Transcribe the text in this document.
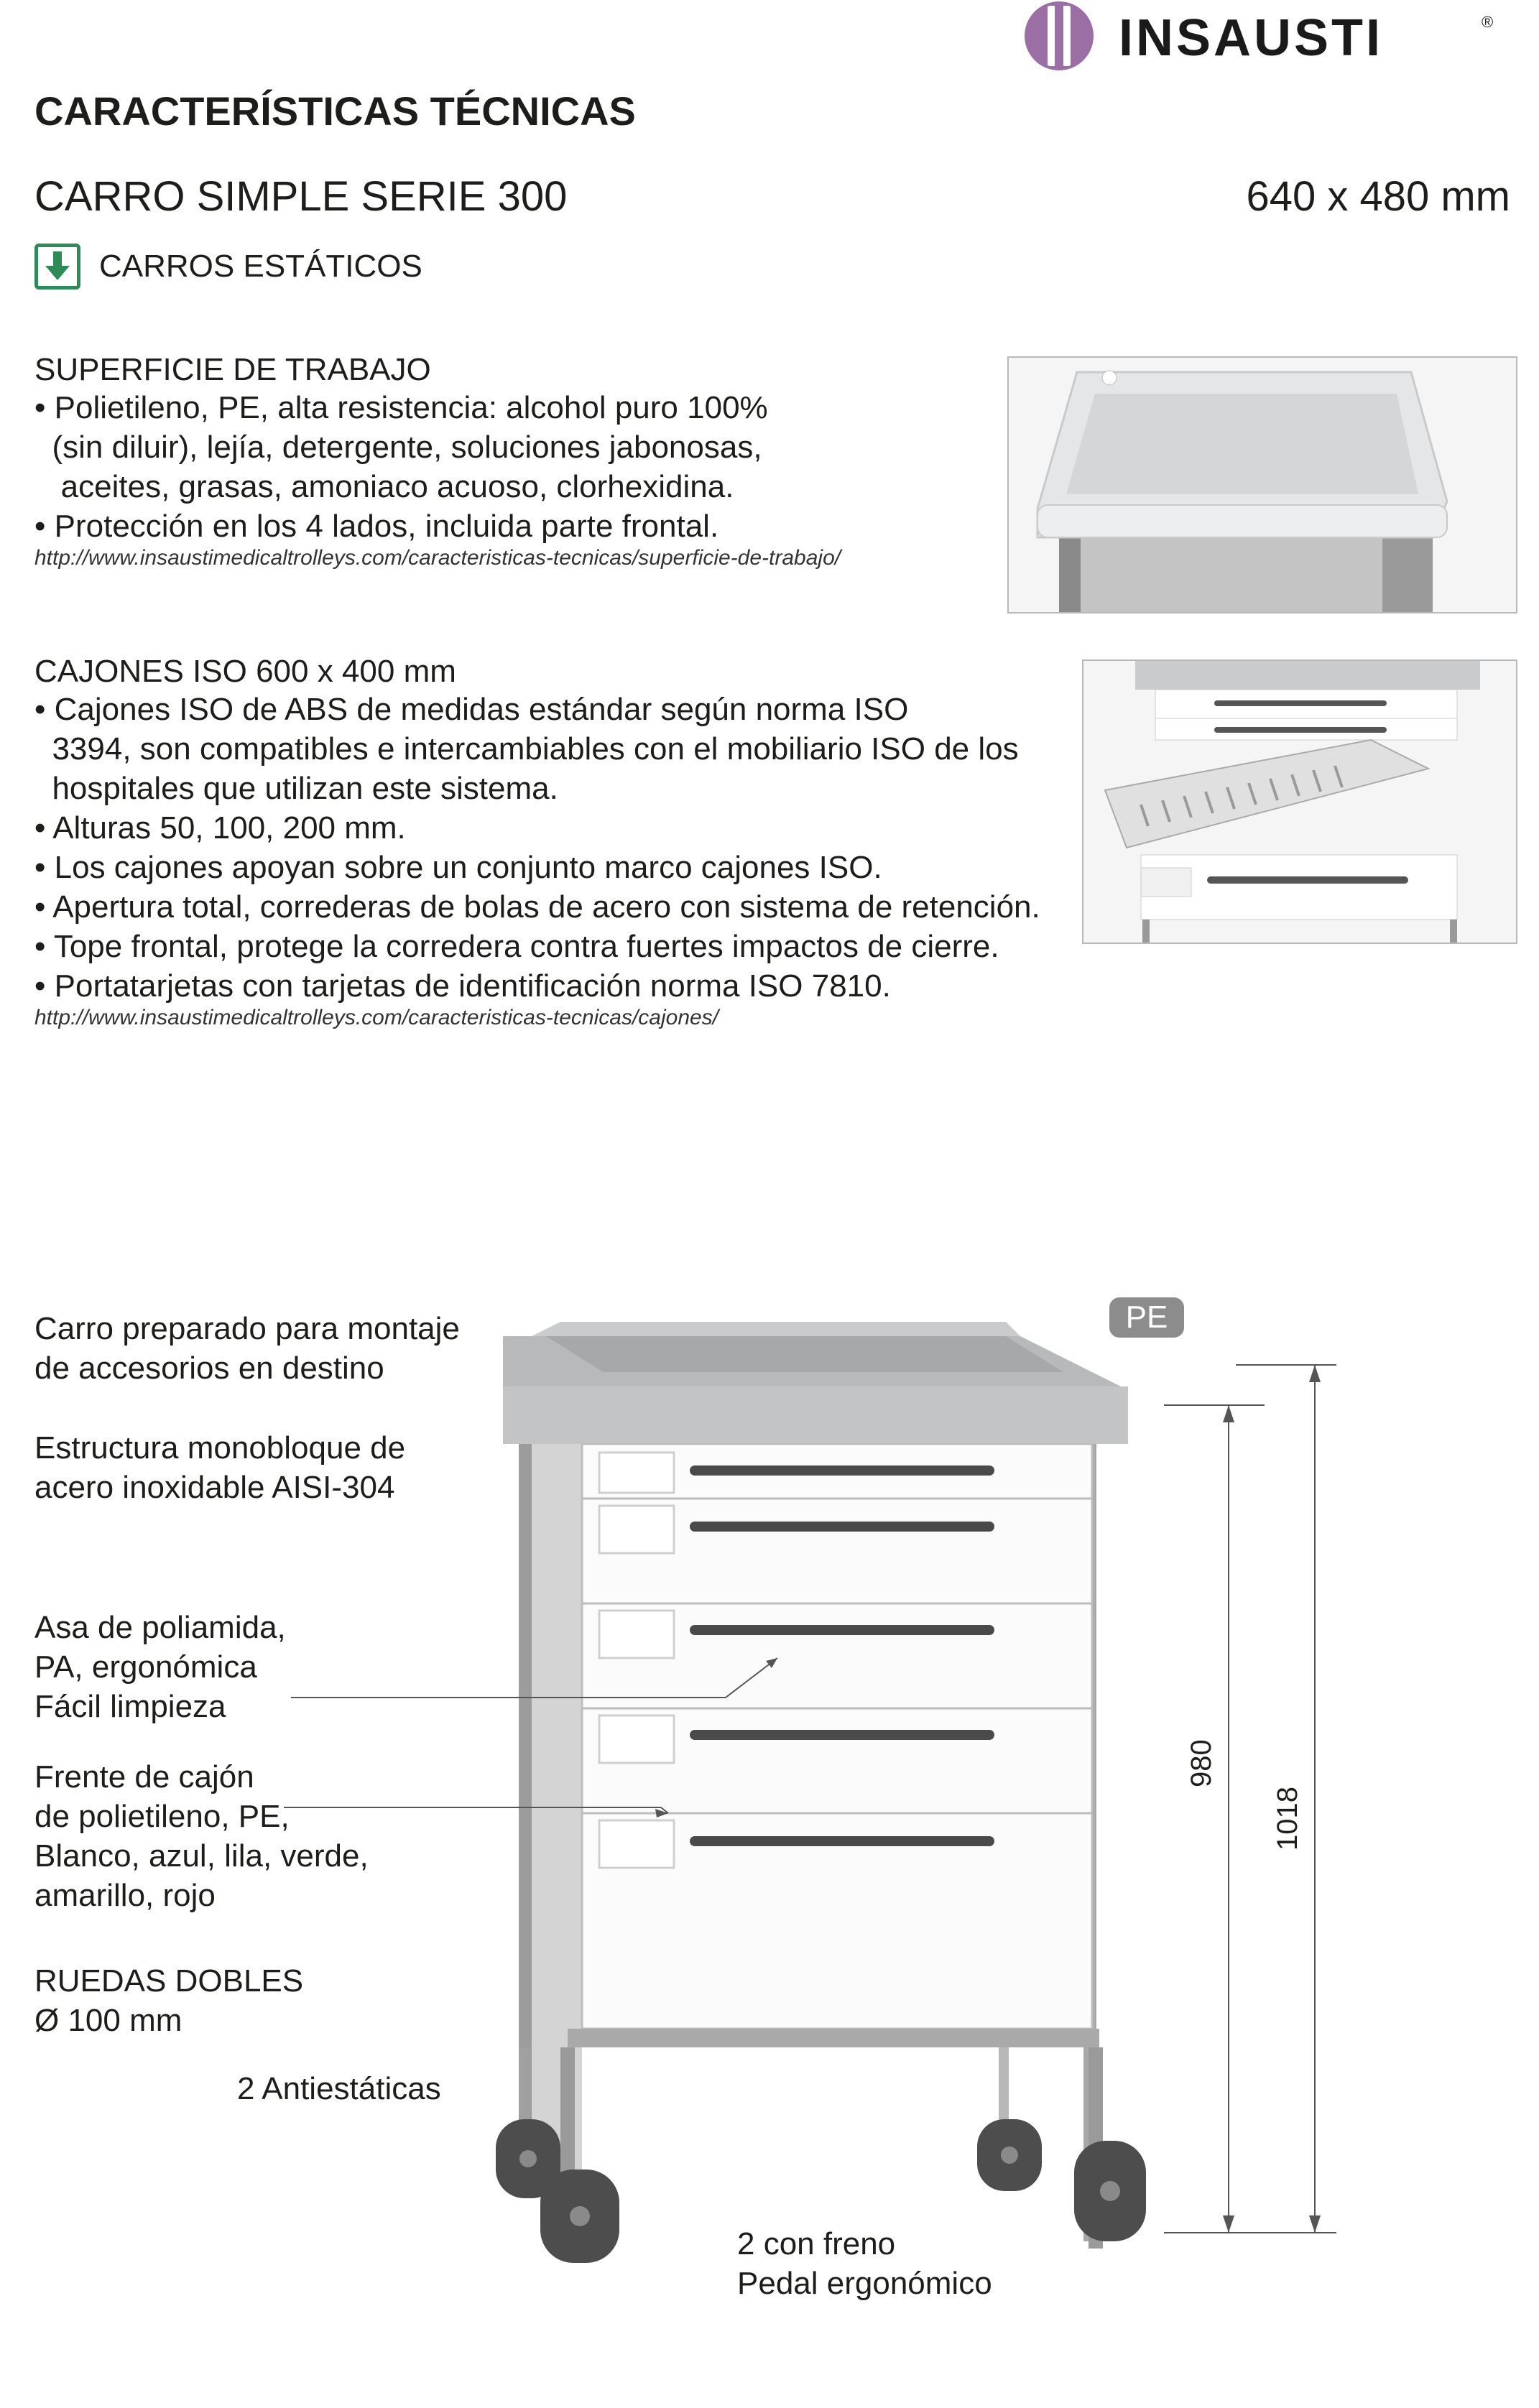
INSAUSTI	®
CARACTERÍSTICAS TÉCNICAS
CARRO SIMPLE SERIE 300	640 x 480 mm
CARROS ESTÁTICOS
SUPERFICIE DE TRABAJO
• Polietileno, PE, alta resistencia: alcohol puro 100%
(sin diluir), lejía, detergente, soluciones jabonosas,
aceites, grasas, amoniaco acuoso, clorhexidina.
• Protección en los 4 lados, incluida parte frontal.
http://www.insaustimedicaltrolleys.com/caracteristicas-tecnicas/superficie-de-trabajo/
CAJONES ISO 600 x 400 mm
• Cajones ISO de ABS de medidas estándar según norma ISO
3394, son compatibles e intercambiables con el mobiliario ISO de los
hospitales que utilizan este sistema.
• Alturas 50, 100, 200 mm.
• Los cajones apoyan sobre un conjunto marco cajones ISO.
• Apertura total, correderas de bolas de acero con sistema de retención.
• Tope frontal, protege la corredera contra fuertes impactos de cierre.
• Portatarjetas con tarjetas de identificación norma ISO 7810.
http://www.insaustimedicaltrolleys.com/caracteristicas-tecnicas/cajones/
Carro preparado para montaje
de accesorios en destino
Estructura monobloque de
acero inoxidable AISI-304
Asa de poliamida,
PA, ergonómica
Fácil limpieza
Frente de cajón
de polietileno, PE,
Blanco, azul, lila, verde,
amarillo, rojo
RUEDAS DOBLES
Ø 100 mm
2 Antiestáticas
2 con freno
Pedal ergonómico
PE
980
1018
